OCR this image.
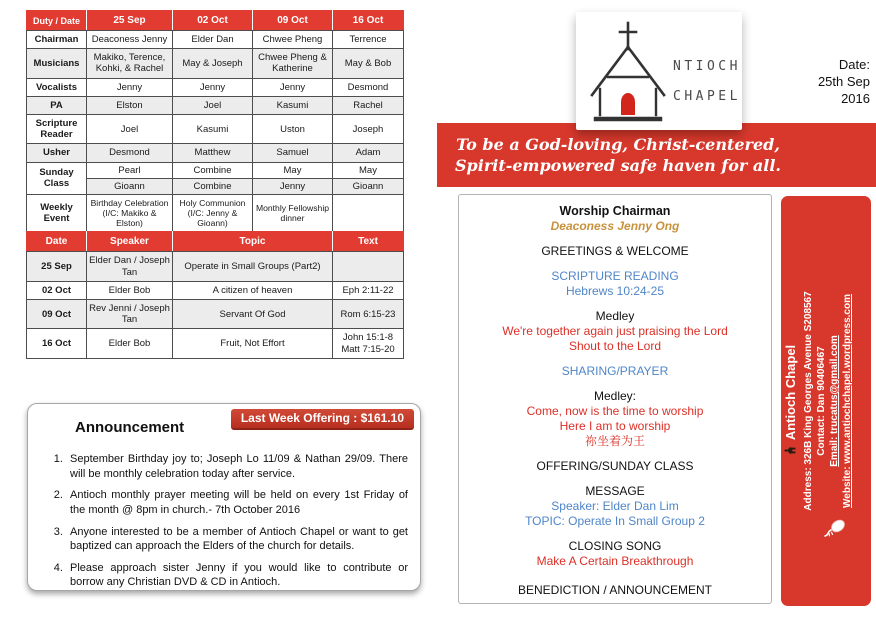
Duty / Date	25 Sep	02 Oct	09 Oct	16 Oct
Chairman	Deaconess Jenny	Elder Dan	Chwee Pheng	Terrence
Musicians	Makiko, Terence, Kohki, & Rachel	May & Joseph	Chwee Pheng & Katherine	May & Bob
Vocalists	Jenny	Jenny	Jenny	Desmond
PA	Elston	Joel	Kasumi	Rachel
Scripture Reader	Joel	Kasumi	Uston	Joseph
Usher	Desmond	Matthew	Samuel	Adam
Sunday Class	Pearl	Combine	May	May
	Gioann	Combine	Jenny	Gioann
Weekly Event	Birthday Celebration (I/C: Makiko & Elston)	Holy Communion (I/C: Jenny & Gioann)	Monthly Fellowship dinner	
Date	Speaker	Topic	Text
25 Sep	Elder Dan / Joseph Tan	Operate in Small Groups (Part2)	
02 Oct	Elder Bob	A citizen of heaven	Eph 2:11-22
09 Oct	Rev Jenni / Joseph Tan	Servant Of God	Rom 6:15-23
16 Oct	Elder Bob	Fruit, Not Effort	John 15:1-8 Matt 7:15-20
Announcement
Last Week Offering : $161.10
1. September Birthday joy to; Joseph Lo 11/09 & Nathan 29/09. There will be monthly celebration today after service.
2. Antioch monthly prayer meeting will be held on every 1st Friday of the month @ 8pm in church.- 7th October 2016
3. Anyone interested to be a member of Antioch Chapel or want to get baptized can approach the Elders of the church for details.
4. Please approach sister Jenny if you would like to contribute or borrow any Christian DVD & CD in Antioch.
To be a God-loving, Christ-centered,
Spirit-empowered safe haven for all.
NTIOCH
CHAPEL
Date:
25th Sep
2016
Worship Chairman
Deaconess Jenny Ong
GREETINGS & WELCOME
SCRIPTURE READING
Hebrews 10:24-25
Medley
We're together again just praising the Lord
Shout to the Lord
SHARING/PRAYER
Medley:
Come, now is the time to worship
Here I am to worship
祢坐着为王
OFFERING/SUNDAY CLASS
MESSAGE
Speaker: Elder Dan Lim
TOPIC: Operate In Small Group 2
CLOSING SONG
Make A Certain Breakthrough
BENEDICTION / ANNOUNCEMENT
Antioch Chapel Address: 326B King Georges Avenue S208567 Contact: Dan 90406467 Email: trucatus@gmail.com Website: www.antiochchapel.wordpress.com
